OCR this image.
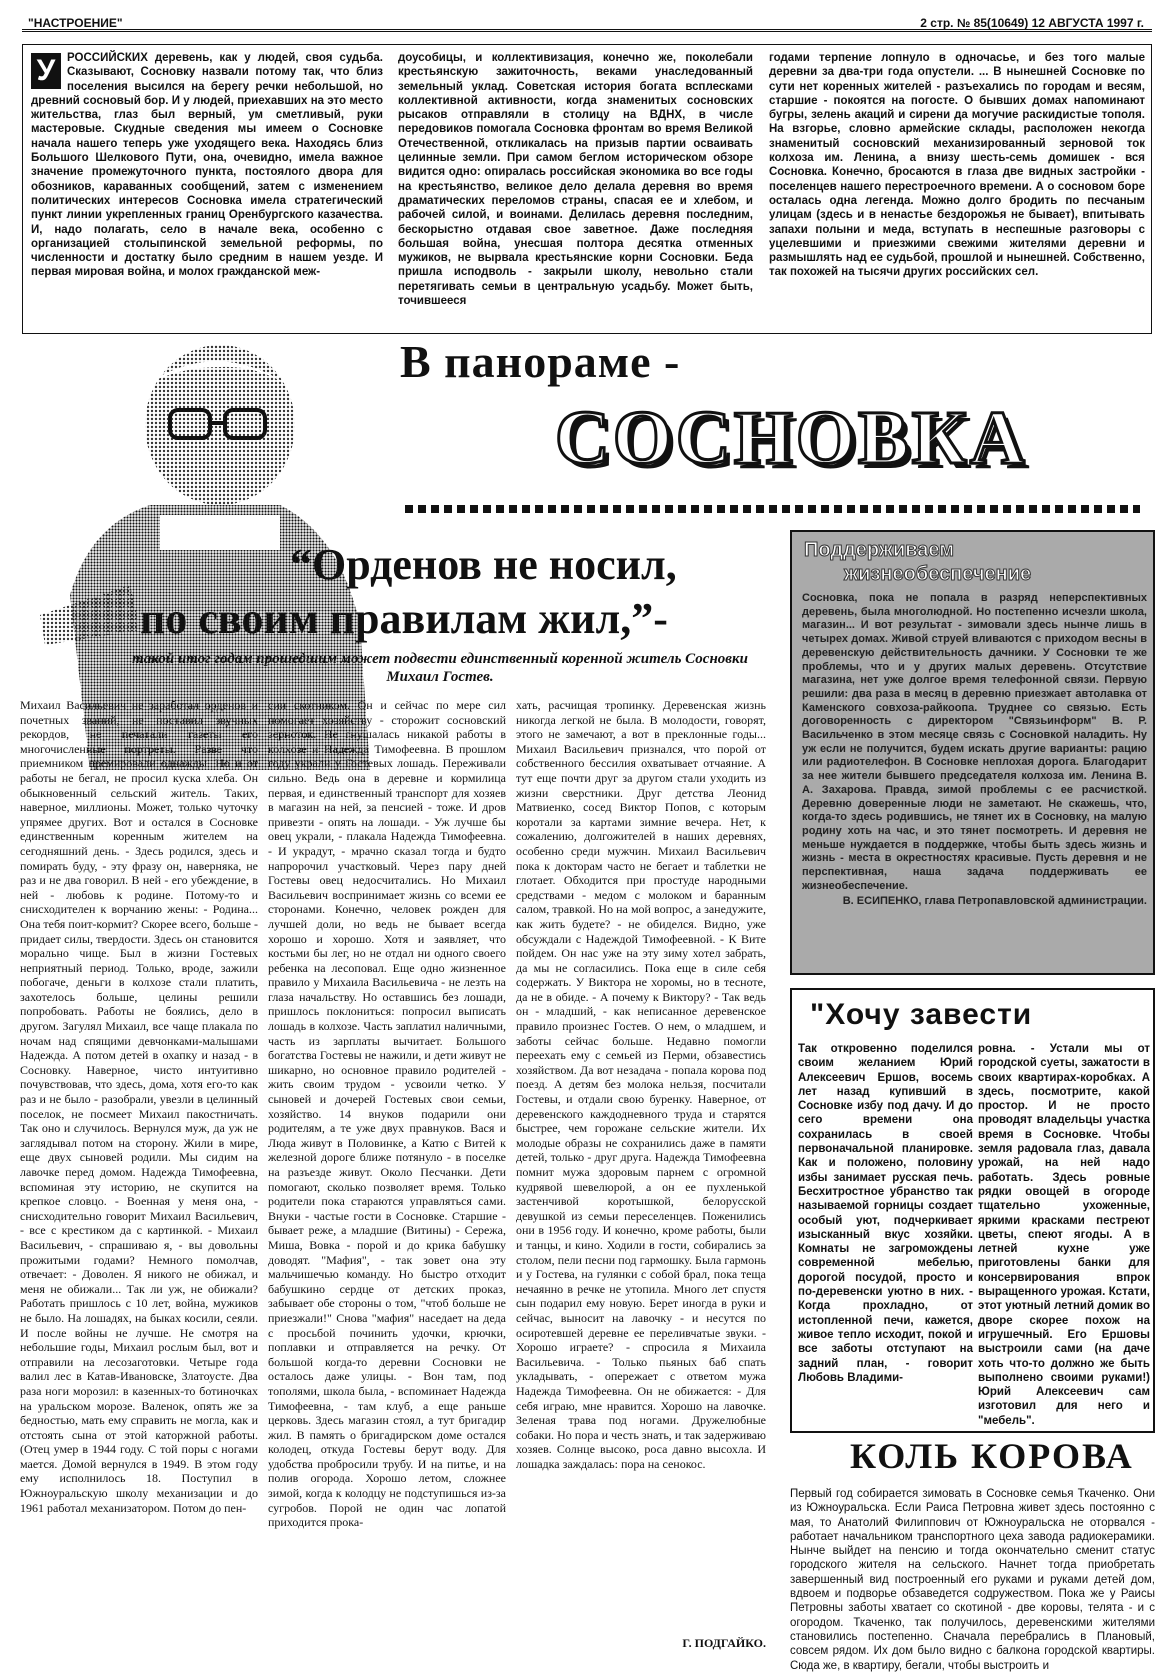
"НАСТРОЕНИЕ"	2 стр. № 85(10649) 12 АВГУСТА 1997 г.
У	РОССИЙСКИХ деревень, как у людей, своя судьба. Сказывают, Сосновку назвали потому так, что близ поселения высился на берегу речки небольшой, но древний сосновый бор. И у людей, приехавших на это место жительства, глаз был верный, ум сметливый, руки мастеровые. Скудные сведения мы имеем о Сосновке начала нашего теперь уже уходящего века. Находясь близ Большого Шелкового Пути, она, очевидно, имела важное значение промежуточного пункта, постоялого двора для обозников, караванных сообщений, затем с изменением политических интересов Сосновка имела стратегический пункт линии укрепленных границ Оренбургского казачества. И, надо полагать, село в начале века, особенно с организацией столыпинской земельной реформы, по численности и достатку было средним в нашем уезде. И первая мировая война, и молох гражданской меж-
доусобицы, и коллективизация, конечно же, поколебали крестьянскую зажиточность, веками унаследованный земельный уклад. Советская история богата всплесками коллективной активности, когда знаменитых сосновских рысаков отправляли в столицу на ВДНХ, в числе передовиков помогала Сосновка фронтам во время Великой Отечественной, откликалась на призыв партии осваивать целинные земли. При самом беглом историческом обзоре видится одно: опиралась российская экономика во все годы на крестьянство, великое дело делала деревня во время драматических переломов страны, спасая ее и хлебом, и рабочей силой, и воинами. Делилась деревня последним, бескорыстно отдавая свое заветное. Даже последняя большая война, унесшая полтора десятка отменных мужиков, не вырвала крестьянские корни Сосновки. Беда пришла исподволь - закрыли школу, невольно стали перетягивать семьи в центральную усадьбу. Может быть, точившееся
годами терпение лопнуло в одночасье, и без того малые деревни за два-три года опустели. ... В нынешней Сосновке по сути нет коренных жителей - разъехались по городам и весям, старшие - покоятся на погосте. О бывших домах напоминают бугры, зелень акаций и сирени да могучие раскидистые тополя. На взгорье, словно армейские склады, расположен некогда знаменитый сосновский механизированный зерновой ток колхоза им. Ленина, а внизу шесть-семь домишек - вся Сосновка. Конечно, бросаются в глаза две видных застройки - поселенцев нашего перестроечного времени. А о сосновом боре осталась одна легенда. Можно долго бродить по песчаным улицам (здесь и в ненастье бездорожья не бывает), впитывать запахи полыни и меда, вступать в неспешные разговоры с уцелевшими и приезжими свежими жителями деревни и размышлять над ее судьбой, прошлой и нынешней. Собственно, так похожей на тысячи других российских сел.
В панораме -
СОСНОВКА
“Орденов не носил,
по своим правилам жил,”-
такой итог годам прошедшим может подвести единственный коренной житель Сосновки Михаил Гостев.
Михаил Васильевич не заработал орденов и почетных званий, не поставил звучных рекордов, не печатали газеты его многочисленные портреты. Разве что приемником премировали однажды. Но и от работы не бегал, не просил куска хлеба. Он обыкновенный сельский житель. Таких, наверное, миллионы. Может, только чуточку упрямее других. Вот и остался в Сосновке единственным коренным жителем на сегодняшний день. - Здесь родился, здесь и помирать буду, - эту фразу он, наверняка, не раз и не два говорил. В ней - его убеждение, в ней - любовь к родине. Потому-то и снисходителен к ворчанию жены: - Родина... Она тебя поит-кормит? Скорее всего, больше - придает силы, твердости. Здесь он становится морально чище. Был в жизни Гостевых неприятный период. Только, вроде, зажили побогаче, деньги в колхозе стали платить, захотелось больше, целины решили попробовать. Работы не боялись, дело в другом. Загулял Михаил, все чаще плакала по ночам над спящими девчонками-малышами Надежда. А потом детей в охапку и назад - в Сосновку. Наверное, чисто интуитивно почувствовав, что здесь, дома, хотя его-то как раз и не было - разобрали, увезли в целинный поселок, не посмеет Михаил пакостничать. Так оно и случилось. Вернулся муж, да уж не заглядывал потом на сторону. Жили в мире, еще двух сыновей родили. Мы сидим на лавочке перед домом. Надежда Тимофеевна, вспоминая эту историю, не скупится на крепкое словцо. - Военная у меня она, - снисходительно говорит Михаил Васильевич, - все с крестиком да с картинкой. - Михаил Васильевич, - спрашиваю я, - вы довольны прожитыми годами? Немного помолчав, отвечает: - Доволен. Я никого не обижал, и меня не обижали... Так ли уж, не обижали? Работать пришлось с 10 лет, война, мужиков не было. На лошадях, на быках косили, сеяли. И после войны не лучше. Не смотря на небольшие годы, Михаил рослым был, вот и отправили на лесозаготовки. Четыре года валил лес в Катав-Ивановске, Златоусте. Два раза ноги морозил: в казенных-то ботиночках на уральском морозе. Валенок, опять же за бедностью, мать ему справить не могла, как и отстоять сына от этой каторжной работы. (Отец умер в 1944 году. С той поры с ногами мается. Домой вернулся в 1949. В этом году ему исполнилось 18. Поступил в Южноуральскую школу механизации и до 1961 работал механизатором. Потом до пен-
сии скотником. Он и сейчас по мере сил помогает хозяйству - сторожит сосновский зерноток. Не гнушалась никакой работы в колхозе и Надежда Тимофеевна. В прошлом году украли у Гостевых лошадь. Переживали сильно. Ведь она в деревне и кормилица первая, и единственный транспорт для хозяев в магазин на ней, за пенсией - тоже. И дров привезти - опять на лошади. - Уж лучше бы овец украли, - плакала Надежда Тимофеевна. - И украдут, - мрачно сказал тогда и будто напророчил участковый. Через пару дней Гостевы овец недосчитались. Но Михаил Васильевич воспринимает жизнь со всеми ее сторонами. Конечно, человек рожден для лучшей доли, но ведь не бывает всегда хорошо и хорошо. Хотя и заявляет, что костьми бы лег, но не отдал ни одного своего ребенка на лесоповал. Еще одно жизненное правило у Михаила Васильевича - не лезть на глаза начальству. Но оставшись без лошади, пришлось поклониться: попросил выписать лошадь в колхозе. Часть заплатил наличными, часть из зарплаты вычитает. Большого богатства Гостевы не нажили, и дети живут не шикарно, но основное правило родителей - жить своим трудом - усвоили четко. У сыновей и дочерей Гостевых свои семьи, хозяйство. 14 внуков подарили они родителям, а те уже двух правнуков. Вася и Люда живут в Половинке, а Катю с Витей к железной дороге ближе потянуло - в поселке на разъезде живут. Около Песчанки. Дети помогают, сколько позволяет время. Только родители пока стараются управляться сами. Внуки - частые гости в Сосновке. Старшие - бывает реже, а младшие (Витины) - Сережа, Миша, Вовка - порой и до крика бабушку доводят. "Мафия", - так зовет она эту мальчишечью команду. Но быстро отходит бабушкино сердце от детских проказ, забывает обе стороны о том, "чтоб больше не приезжали!" Снова "мафия" наседает на деда с просьбой починить удочки, крючки, поплавки и отправляется на речку. От большой когда-то деревни Сосновки не осталось даже улицы. - Вон там, под тополями, школа была, - вспоминает Надежда Тимофеевна, - там клуб, а еще раньше церковь. Здесь магазин стоял, а тут бригадир жил. В память о бригадирском доме остался колодец, откуда Гостевы берут воду. Для удобства пробросили трубу. И на питье, и на полив огорода. Хорошо летом, сложнее зимой, когда к колодцу не подступишься из-за сугробов. Порой не один час лопатой приходится прока-
хать, расчищая тропинку. Деревенская жизнь никогда легкой не была. В молодости, говорят, этого не замечают, а вот в преклонные годы... Михаил Васильевич признался, что порой от собственного бессилия охватывает отчаяние. А тут еще почти друг за другом стали уходить из жизни сверстники. Друг детства Леонид Матвиенко, сосед Виктор Попов, с которым коротали за картами зимние вечера. Нет, к сожалению, долгожителей в наших деревнях, особенно среди мужчин. Михаил Васильевич пока к докторам часто не бегает и таблетки не глотает. Обходится при простуде народными средствами - медом с молоком и баранным салом, травкой. Но на мой вопрос, а занедужите, как жить будете? - не обиделся. Видно, уже обсуждали с Надеждой Тимофеевной. - К Вите пойдем. Он нас уже на эту зиму хотел забрать, да мы не согласились. Пока еще в силе себя содержать. У Виктора не хоромы, но в тесноте, да не в обиде. - А почему к Виктору? - Так ведь он - младший, - как неписанное деревенское правило произнес Гостев. О нем, о младшем, и заботы сейчас больше. Недавно помогли переехать ему с семьей из Перми, обзавестись хозяйством. Да вот незадача - попала корова под поезд. А детям без молока нельзя, посчитали Гостевы, и отдали свою буренку. Наверное, от деревенского каждодневного труда и старятся быстрее, чем горожане сельские жители. Их молодые образы не сохранились даже в памяти детей, только - друг друга. Надежда Тимофеевна помнит мужа здоровым парнем с огромной кудрявой шевелюрой, а он ее пухленькой застенчивой коротышкой, белорусской девушкой из семьи переселенцев. Поженились они в 1956 году. И конечно, кроме работы, были и танцы, и кино. Ходили в гости, собирались за столом, пели песни под гармошку. Была гармонь и у Гостева, на гулянки с собой брал, пока теща нечаянно в речке не утопила. Много лет спустя сын подарил ему новую. Берет иногда в руки и сейчас, выносит на лавочку - и несутся по осиротевшей деревне ее переливчатые звуки. - Хорошо играете? - спросила я Михаила Васильевича. - Только пьяных баб спать укладывать, - опережает с ответом мужа Надежда Тимофеевна. Он не обижается: - Для себя играю, мне нравится. Хорошо на лавочке. Зеленая трава под ногами. Дружелюбные собаки. Но пора и честь знать, и так задерживаю хозяев. Солнце высоко, роса давно высохла. И лошадка заждалась: пора на сенокос.
Г. ПОДГАЙКО.
Поддерживаем
жизнеобеспечение
Сосновка, пока не попала в разряд неперспективных деревень, была многолюдной. Но постепенно исчезли школа, магазин... И вот результат - зимовали здесь нынче лишь в четырех домах. Живой струей вливаются с приходом весны в деревенскую действительность дачники. У Сосновки те же проблемы, что и у других малых деревень. Отсутствие магазина, нет уже долгое время телефонной связи. Первую решили: два раза в месяц в деревню приезжает автолавка от Каменского совхоза-райкоопа. Труднее со связью. Есть договоренность с директором "Связьинформ" В. Р. Васильченко в этом месяце связь с Сосновкой наладить. Ну уж если не получится, будем искать другие варианты: рацию или радиотелефон. В Сосновке неплохая дорога. Благодарит за нее жители бывшего председателя колхоза им. Ленина В. А. Захарова. Правда, зимой проблемы с ее расчисткой. Деревню доверенные люди не заметают. Не скажешь, что, когда-то здесь родившись, не тянет их в Сосновку, на малую родину хоть на час, и это тянет посмотреть. И деревня не меньше нуждается в поддержке, чтобы быть здесь жизнь и жизнь - места в окрестностях красивые. Пусть деревня и не перспективная, наша задача поддерживать ее жизнеобеспечение.
В. ЕСИПЕНКО, глава Петропавловской администрации.
"Хочу завести
Так откровенно поделился своим желанием Юрий Алексеевич Ершов, восемь лет назад купивший в Сосновке избу под дачу. И до сего времени она сохранилась в своей первоначальной планировке. Как и положено, половину избы занимает русская печь. Бесхитростное убранство так называемой горницы создает особый уют, подчеркивает изысканный вкус хозяйки. Комнаты не загромождены современной мебелью, дорогой посудой, просто и по-деревенски уютно в них. - Когда прохладно, от истопленной печи, кажется, живое тепло исходит, покой и все заботы отступают на задний план, - говорит Любовь Владими-
ровна. - Устали мы от городской суеты, зажатости в своих квартирах-коробках. А здесь, посмотрите, какой простор. И не просто проводят владельцы участка время в Сосновке. Чтобы земля радовала глаз, давала урожай, на ней надо работать. Здесь ровные рядки овощей в огороде тщательно ухоженные, яркими красками пестреют цветы, спеют ягоды. А в летней кухне уже приготовлены банки для консервирования впрок выращенного урожая. Кстати, этот уютный летний домик во дворе скорее похож на игрушечный. Его Ершовы выстроили сами (на даче хоть что-то должно же быть выполнено своими руками!) Юрий Алексеевич сам изготовил для него и "мебель".
КОЛЬ КОРОВА
Первый год собирается зимовать в Сосновке семья Ткаченко. Они из Южноуральска. Если Раиса Петровна живет здесь постоянно с мая, то Анатолий Филиппович от Южноуральска не оторвался - работает начальником транспортного цеха завода радиокерамики. Нынче выйдет на пенсию и тогда окончательно сменит статус городского жителя на сельского. Начнет тогда приобретать завершенный вид построенный его руками и руками детей дом, вдвоем и подворье обзаведется содружеством. Пока же у Раисы Петровны заботы хватает со скотиной - две коровы, телята - и с огородом. Ткаченко, так получилось, деревенскими жителями становились постепенно. Сначала перебрались в Плановый, совсем рядом. Их дом было видно с балкона городской квартиры. Сюда же, в квартиру, бегали, чтобы выстроить и
